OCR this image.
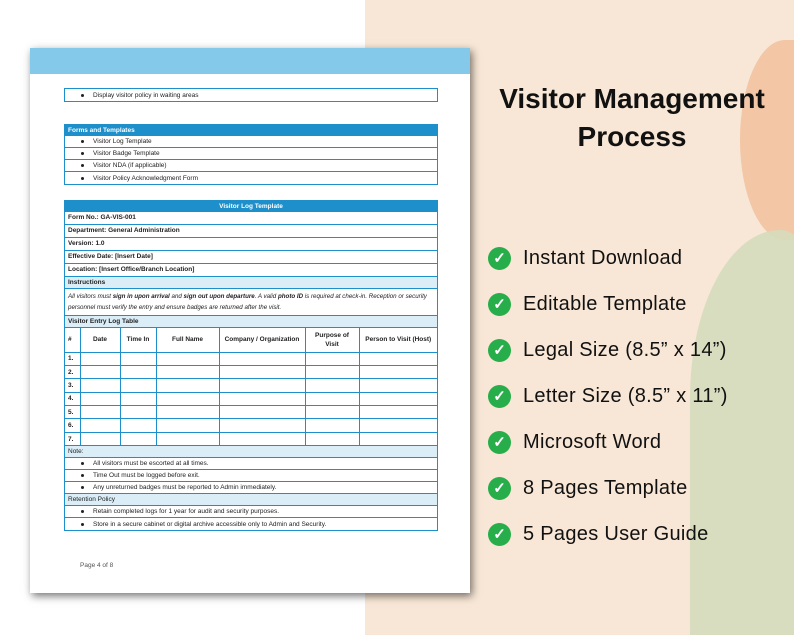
Display visitor policy in waiting areas
Forms and Templates
Visitor Log Template
Visitor Badge Template
Visitor NDA (if applicable)
Visitor Policy Acknowledgment Form
Visitor Log Template
Form No.: GA-VIS-001
Department: General Administration
Version: 1.0
Effective Date: [Insert Date]
Location: [Insert Office/Branch Location]
Instructions
All visitors must sign in upon arrival and sign out upon departure. A valid photo ID is required at check-in. Reception or security personnel must verify the entry and ensure badges are returned after the visit.
Visitor Entry Log Table
#	Date	Time In	Full Name	Company / Organization	Purpose of Visit	Person to Visit (Host)
1.						
2.						
3.						
4.						
5.						
6.						
7.						
Note:
All visitors must be escorted at all times.
Time Out must be logged before exit.
Any unreturned badges must be reported to Admin immediately.
Retention Policy
Retain completed logs for 1 year for audit and security purposes.
Store in a secure cabinet or digital archive accessible only to Admin and Security.
Page 4 of 8
Visitor Management
Process
✓ Instant Download
✓ Editable Template
✓ Legal Size (8.5” x 14”)
✓ Letter Size (8.5” x 11”)
✓ Microsoft Word
✓ 8 Pages Template
✓ 5 Pages User Guide
